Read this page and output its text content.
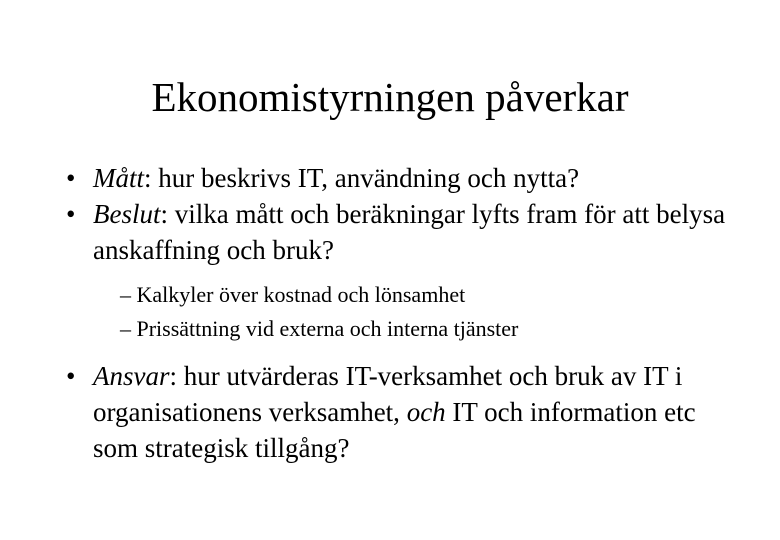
Ekonomistyrningen påverkar
• Mått: hur beskrivs IT, användning och nytta?
• Beslut: vilka mått och beräkningar lyfts fram för att belysa anskaffning och bruk?
– Kalkyler över kostnad och lönsamhet
– Prissättning vid externa och interna tjänster
• Ansvar: hur utvärderas IT-verksamhet och bruk av IT i organisationens verksamhet, och IT och information etc som strategisk tillgång?
